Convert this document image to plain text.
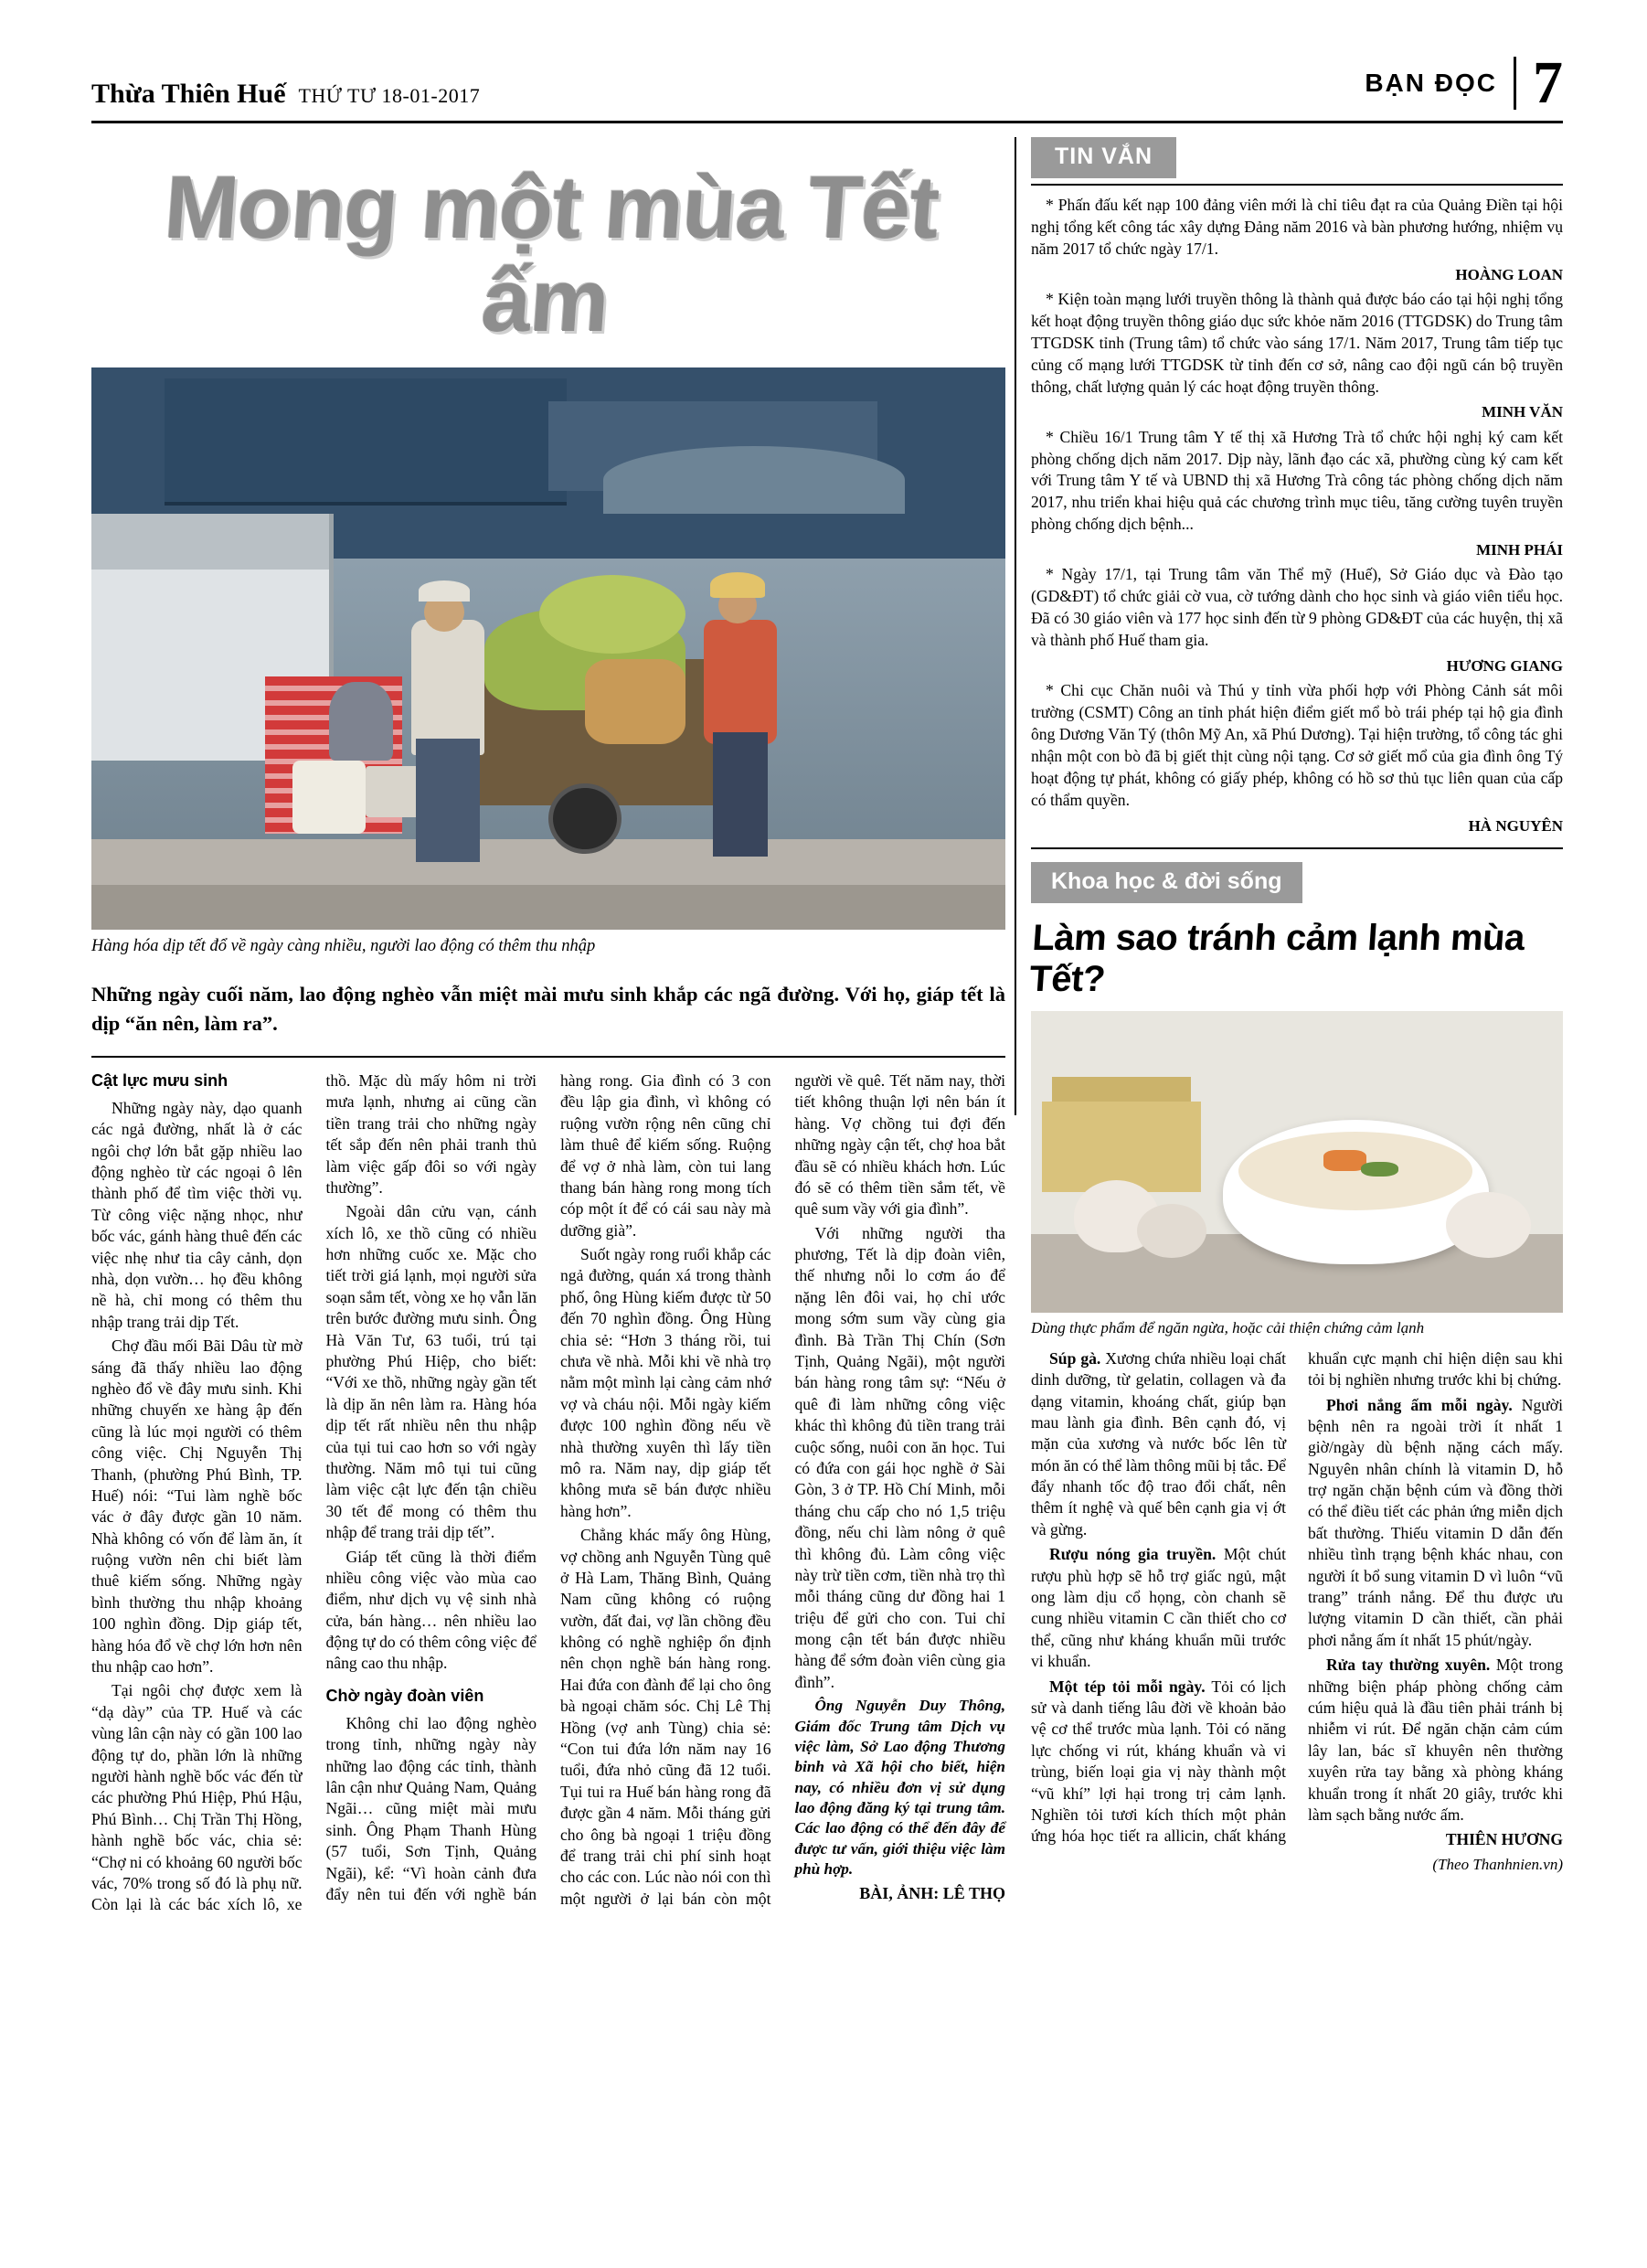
Thừa Thiên Huế THỨ TƯ 18-01-2017	BẠN ĐỌC 7
Mong một mùa Tết ấm
Hàng hóa dịp tết đổ về ngày càng nhiều, người lao động có thêm thu nhập
Những ngày cuối năm, lao động nghèo vẫn miệt mài mưu sinh khắp các ngã đường. Với họ, giáp tết là dịp “ăn nên, làm ra”.
Cật lực mưu sinh

Những ngày này, dạo quanh các ngả đường, nhất là ở các ngôi chợ lớn bắt gặp nhiều lao động nghèo từ các ngoại ô lên thành phố để tìm việc thời vụ. Từ công việc nặng nhọc, như bốc vác, gánh hàng thuê đến các việc nhẹ như tia cây cảnh, dọn nhà, dọn vườn… họ đều không nề hà, chỉ mong có thêm thu nhập trang trải dịp Tết.

Chợ đầu mối Bãi Dâu từ mờ sáng đã thấy nhiều lao động nghèo đổ về đây mưu sinh. Khi những chuyến xe hàng ập đến cũng là lúc mọi người có thêm công việc. Chị Nguyễn Thị Thanh, (phường Phú Bình, TP. Huế) nói: “Tui làm nghề bốc vác ở đây được gần 10 năm. Nhà không có vốn để làm ăn, ít ruộng vườn nên chi biết làm thuê kiếm sống. Những ngày bình thường thu nhập khoảng 100 nghìn đồng. Dịp giáp tết, hàng hóa đổ về chợ lớn hơn nên thu nhập cao hơn”.

Tại ngôi chợ được xem là “dạ dày” của TP. Huế và các vùng lân cận này có gần 100 lao động tự do, phần lớn là những người hành nghề bốc vác đến từ các phường Phú Hiệp, Phú Hậu, Phú Bình… Chị Trần Thị Hồng, hành nghề bốc vác, chia sẻ: “Chợ ni có khoảng 60 người bốc vác, 70% trong số đó là phụ nữ. Còn lại là các bác xích lô, xe thồ. Mặc dù mấy hôm ni trời mưa lạnh, nhưng ai cũng cần tiền trang trải cho những ngày tết sắp đến nên phải tranh thủ làm việc gấp đôi so với ngày thường”.

Ngoài dân cửu vạn, cánh xích lô, xe thồ cũng có nhiều hơn những cuốc xe. Mặc cho tiết trời giá lạnh, mọi người sửa soạn sắm tết, vòng xe họ vẫn lăn trên bước đường mưu sinh. Ông Hà Văn Tư, 63 tuổi, trú tại phường Phú Hiệp, cho biết: “Với xe thồ, những ngày gần tết là dịp ăn nên làm ra. Hàng hóa dịp tết rất nhiều nên thu nhập của tụi tui cao hơn so với ngày thường. Năm mô tụi tui cũng làm việc cật lực đến tận chiều 30 tết để mong có thêm thu nhập để trang trải dịp tết”.

Giáp tết cũng là thời điểm nhiều công việc vào mùa cao điểm, như dịch vụ vệ sinh nhà cửa, bán hàng… nên nhiều lao động tự do có thêm công việc để nâng cao thu nhập.

Chờ ngày đoàn viên

Không chỉ lao động nghèo trong tỉnh, những ngày này những lao động các tỉnh, thành lân cận như Quảng Nam, Quảng Ngãi… cũng miệt mài mưu sinh. Ông Phạm Thanh Hùng (57 tuổi, Sơn Tịnh, Quảng Ngãi), kể: “Vì hoàn cảnh đưa đẩy nên tui đến với nghề bán hàng rong. Gia đình có 3 con đều lập gia đình, vì không có ruộng vườn rộng nên cũng chỉ làm thuê để kiếm sống. Ruộng để vợ ở nhà làm, còn tui lang thang bán hàng rong mong tích cóp một ít để có cái sau này mà dưỡng già”.

Suốt ngày rong ruổi khắp các ngả đường, quán xá trong thành phố, ông Hùng kiếm được từ 50 đến 70 nghìn đồng. Ông Hùng chia sẻ: “Hơn 3 tháng rồi, tui chưa về nhà. Mỗi khi về nhà trọ nằm một mình lại càng cảm nhớ vợ và cháu nội. Mỗi ngày kiếm được 100 nghìn đồng nếu về nhà thường xuyên thì lấy tiền mô ra. Năm nay, dịp giáp tết không mưa sẽ bán được nhiều hàng hơn”.

Chẳng khác mấy ông Hùng, vợ chồng anh Nguyễn Tùng quê ở Hà Lam, Thăng Bình, Quảng Nam cũng không có ruộng vườn, đất đai, vợ lần chồng đều không có nghề nghiệp ổn định nên chọn nghề bán hàng rong. Hai đứa con đành để lại cho ông bà ngoại chăm sóc. Chị Lê Thị Hồng (vợ anh Tùng) chia sẻ: “Con tui đứa lớn năm nay 16 tuổi, đứa nhỏ cũng đã 12 tuổi. Tụi tui ra Huế bán hàng rong đã được gần 4 năm. Mỗi tháng gửi cho ông bà ngoại 1 triệu đồng để trang trải chi phí sinh hoạt cho các con. Lúc nào nói con thì một người ở lại bán còn một người về quê. Tết năm nay, thời tiết không thuận lợi nên bán ít hàng. Vợ chồng tui đợi đến những ngày cận tết, chợ hoa bắt đầu sẽ có nhiều khách hơn. Lúc đó sẽ có thêm tiền sắm tết, về quê sum vầy với gia đình”.

Với những người tha phương, Tết là dịp đoàn viên, thế nhưng nỗi lo cơm áo để nặng lên đôi vai, họ chỉ ước mong sớm sum vầy cùng gia đình. Bà Trần Thị Chín (Sơn Tịnh, Quảng Ngãi), một người bán hàng rong tâm sự: “Nếu ở quê đi làm những công việc khác thì không đủ tiền trang trải cuộc sống, nuôi con ăn học. Tui có đứa con gái học nghề ở Sài Gòn, 3 ở TP. Hồ Chí Minh, mỗi tháng chu cấp cho nó 1,5 triệu đồng, nếu chi làm nông ở quê thì không đủ. Làm công việc này trừ tiền cơm, tiền nhà trọ thì mỗi tháng cũng dư đồng hai 1 triệu để gửi cho con. Tui chỉ mong cận tết bán được nhiều hàng để sớm đoàn viên cùng gia đình”.

Ông Nguyễn Duy Thông, Giám đốc Trung tâm Dịch vụ việc làm, Sở Lao động Thương binh và Xã hội cho biết, hiện nay, có nhiều đơn vị sử dụng lao động đăng ký tại trung tâm. Các lao động có thể đến đây để được tư vấn, giới thiệu việc làm phù hợp.

BÀI, ẢNH: LÊ THỌ

TIN VẮN

* Phấn đấu kết nạp 100 đảng viên mới là chỉ tiêu đạt ra của Quảng Điền tại hội nghị tổng kết công tác xây dựng Đảng năm 2016 và bàn phương hướng, nhiệm vụ năm 2017 tổ chức ngày 17/1.

HOÀNG LOAN

* Kiện toàn mạng lưới truyền thông là thành quả được báo cáo tại hội nghị tổng kết hoạt động truyền thông giáo dục sức khỏe năm 2016 (TTGDSK) do Trung tâm TTGDSK tỉnh (Trung tâm) tổ chức vào sáng 17/1. Năm 2017, Trung tâm tiếp tục củng cố mạng lưới TTGDSK từ tỉnh đến cơ sở, nâng cao đội ngũ cán bộ truyền thông, chất lượng quản lý các hoạt động truyền thông.

MINH VĂN

* Chiều 16/1 Trung tâm Y tế thị xã Hương Trà tổ chức hội nghị ký cam kết phòng chống dịch năm 2017. Dịp này, lãnh đạo các xã, phường cùng ký cam kết với Trung tâm Y tế và UBND thị xã Hương Trà công tác phòng chống dịch năm 2017, nhu triển khai hiệu quả các chương trình mục tiêu, tăng cường tuyên truyền phòng chống dịch bệnh...

MINH PHÁI

* Ngày 17/1, tại Trung tâm văn Thể mỹ (Huế), Sở Giáo dục và Đào tạo (GD&ĐT) tổ chức giải cờ vua, cờ tướng dành cho học sinh và giáo viên tiểu học. Đã có 30 giáo viên và 177 học sinh đến từ 9 phòng GD&ĐT của các huyện, thị xã và thành phố Huế tham gia.

HƯƠNG GIANG

* Chi cục Chăn nuôi và Thú y tỉnh vừa phối hợp với Phòng Cảnh sát môi trường (CSMT) Công an tỉnh phát hiện điểm giết mổ bò trái phép tại hộ gia đình ông Dương Văn Tý (thôn Mỹ An, xã Phú Dương). Tại hiện trường, tổ công tác ghi nhận một con bò đã bị giết thịt cùng nội tạng. Cơ sở giết mổ của gia đình ông Tý hoạt động tự phát, không có giấy phép, không có hồ sơ thủ tục liên quan của cấp có thẩm quyền.

HÀ NGUYÊN

Khoa học & đời sống
Làm sao tránh cảm lạnh mùa Tết?
Dùng thực phẩm để ngăn ngừa, hoặc cải thiện chứng cảm lạnh

Súp gà. Xương chứa nhiều loại chất dinh dưỡng, từ gelatin, collagen và đa dạng vitamin, khoáng chất, giúp bạn mau lành gia đình. Bên cạnh đó, vị mặn của xương và nước bốc lên từ món ăn có thể làm thông mũi bị tắc. Để đẩy nhanh tốc độ trao đổi chất, nên thêm ít nghệ và quế bên cạnh gia vị ớt và gừng.

Rượu nóng gia truyền. Một chút rượu phù hợp sẽ hỗ trợ giấc ngủ, mật ong làm dịu cổ họng, còn chanh sẽ cung nhiều vitamin C cần thiết cho cơ thể, cũng như kháng khuẩn mũi trước vi khuẩn.

Một tép tỏi mỗi ngày. Tỏi có lịch sử và danh tiếng lâu đời về khoản bảo vệ cơ thể trước mùa lạnh. Tỏi có năng lực chống vi rút, kháng khuẩn và vi trùng, biến loại gia vị này thành một “vũ khí” lợi hại trong trị cảm lạnh. Nghiền tỏi tươi kích thích một phản ứng hóa học tiết ra allicin, chất kháng khuẩn cực mạnh chỉ hiện diện sau khi tỏi bị nghiền nhưng trước khi bị chứng.

Phơi nắng ấm mỗi ngày. Người bệnh nên ra ngoài trời ít nhất 1 giờ/ngày dù bệnh nặng cách mấy. Nguyên nhân chính là vitamin D, hỗ trợ ngăn chặn bệnh cúm và đồng thời có thể điều tiết các phản ứng miễn dịch bất thường. Thiếu vitamin D dẫn đến nhiều tình trạng bệnh khác nhau, con người ít bổ sung vitamin D vì luôn “vũ trang” tránh nắng. Để thu được ưu lượng vitamin D cần thiết, cần phải phơi nắng ấm ít nhất 15 phút/ngày.

Rửa tay thường xuyên. Một trong những biện pháp phòng chống cảm cúm hiệu quả là đầu tiên phải tránh bị nhiễm vi rút. Để ngăn chặn cảm cúm lây lan, bác sĩ khuyên nên thường xuyên rửa tay bằng xà phòng kháng khuẩn trong ít nhất 20 giây, trước khi làm sạch bằng nước ấm.

THIÊN HƯƠNG

(Theo Thanhnien.vn)
